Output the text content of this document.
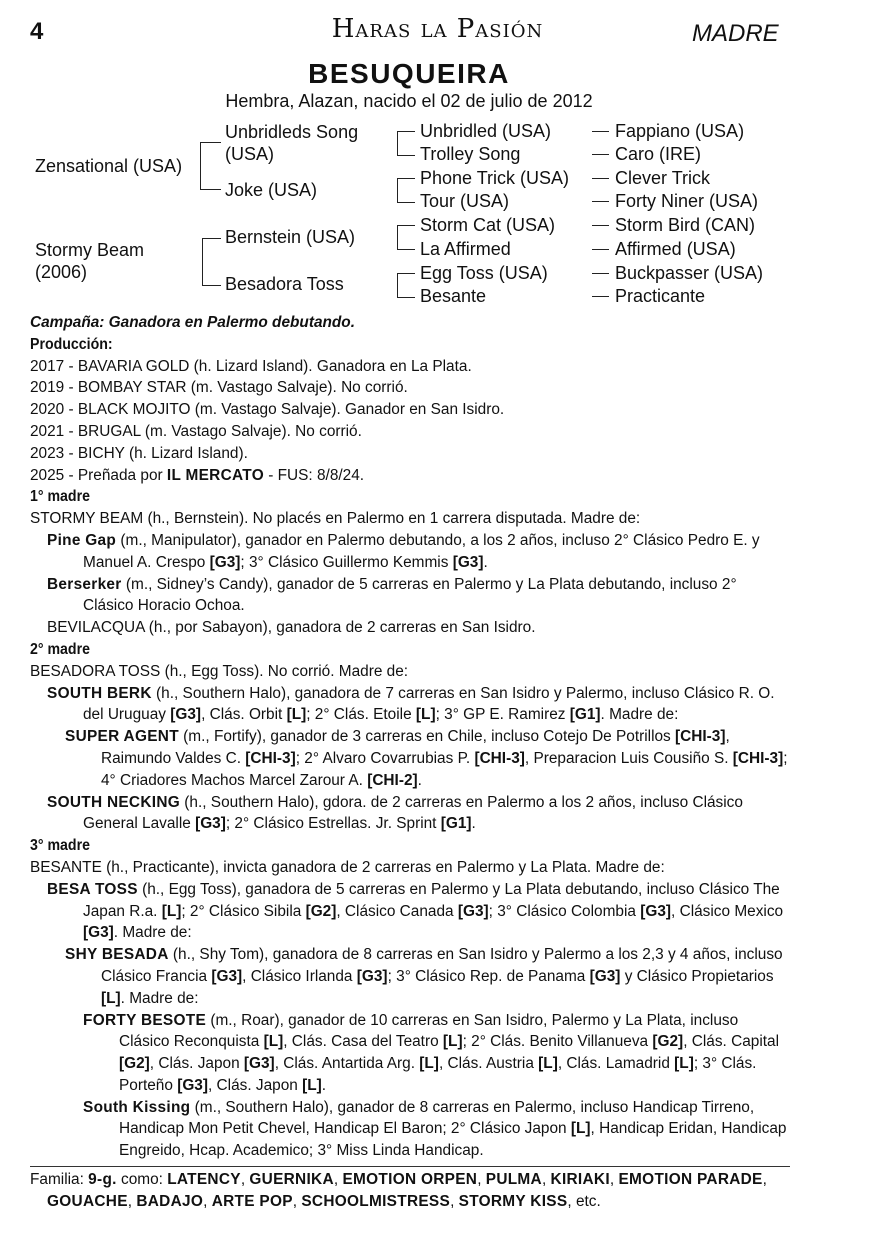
4	Haras la Pasión	MADRE
BESUQUEIRA
Hembra, Alazan, nacido el 02 de julio de 2012
Zensational (USA)
Stormy Beam
(2006)
Unbridleds Song
(USA)
Joke (USA)
Bernstein (USA)
Besadora Toss
Unbridled (USA)
Trolley Song
Phone Trick (USA)
Tour (USA)
Storm Cat (USA)
La Affirmed
Egg Toss (USA)
Besante
Fappiano (USA)
Caro (IRE)
Clever Trick
Forty Niner (USA)
Storm Bird (CAN)
Affirmed (USA)
Buckpasser (USA)
Practicante

Campaña: Ganadora en Palermo debutando.

Producción:

2017 - BAVARIA GOLD (h. Lizard Island). Ganadora en La Plata.

2019 - BOMBAY STAR (m. Vastago Salvaje). No corrió.

2020 - BLACK MOJITO (m. Vastago Salvaje). Ganador en San Isidro.

2021 - BRUGAL (m. Vastago Salvaje). No corrió.

2023 - BICHY (h. Lizard Island).

2025 - Preñada por IL MERCATO - FUS: 8/8/24.

1° madre

STORMY BEAM (h., Bernstein). No placés en Palermo en 1 carrera disputada. Madre de:

Pine Gap (m., Manipulator), ganador en Palermo debutando, a los 2 años, incluso 2° Clásico Pedro E. y Manuel A. Crespo [G3]; 3° Clásico Guillermo Kemmis [G3].

Berserker (m., Sidney’s Candy), ganador de 5 carreras en Palermo y La Plata debutando, incluso 2° Clásico Horacio Ochoa.

BEVILACQUA (h., por Sabayon), ganadora de 2 carreras en San Isidro.

2° madre

BESADORA TOSS (h., Egg Toss). No corrió. Madre de:

SOUTH BERK (h., Southern Halo), ganadora de 7 carreras en San Isidro y Palermo, incluso Clásico R. O. del Uruguay [G3], Clás. Orbit [L]; 2° Clás. Etoile [L]; 3° GP E. Ramirez [G1]. Madre de:

SUPER AGENT (m., Fortify), ganador de 3 carreras en Chile, incluso Cotejo De Potrillos [CHI-3], Raimundo Valdes C. [CHI-3]; 2° Alvaro Covarrubias P. [CHI-3], Preparacion Luis Cousiño S. [CHI-3]; 4° Criadores Machos Marcel Zarour A. [CHI-2].

SOUTH NECKING (h., Southern Halo), gdora. de 2 carreras en Palermo a los 2 años, incluso Clásico General Lavalle [G3]; 2° Clásico Estrellas. Jr. Sprint [G1].

3° madre

BESANTE (h., Practicante), invicta ganadora de 2 carreras en Palermo y La Plata. Madre de:

BESA TOSS (h., Egg Toss), ganadora de 5 carreras en Palermo y La Plata debutando, incluso Clásico The Japan R.a. [L]; 2° Clásico Sibila [G2], Clásico Canada [G3]; 3° Clásico Colombia [G3], Clásico Mexico [G3]. Madre de:

SHY BESADA (h., Shy Tom), ganadora de 8 carreras en San Isidro y Palermo a los 2,3 y 4 años, incluso Clásico Francia [G3], Clásico Irlanda [G3]; 3° Clásico Rep. de Panama [G3] y Clásico Propietarios [L]. Madre de:

FORTY BESOTE (m., Roar), ganador de 10 carreras en San Isidro, Palermo y La Plata, incluso Clásico Reconquista [L], Clás. Casa del Teatro [L]; 2° Clás. Benito Villanueva [G2], Clás. Capital [G2], Clás. Japon [G3], Clás. Antartida Arg. [L], Clás. Austria [L], Clás. Lamadrid [L]; 3° Clás. Porteño [G3], Clás. Japon [L].

South Kissing (m., Southern Halo), ganador de 8 carreras en Palermo, incluso Handicap Tirreno, Handicap Mon Petit Chevel, Handicap El Baron; 2° Clásico Japon [L], Handicap Eridan, Handicap Engreido, Hcap. Academico; 3° Miss Linda Handicap.

Familia: 9-g. como: LATENCY, GUERNIKA, EMOTION ORPEN, PULMA, KIRIAKI, EMOTION PARADE, GOUACHE, BADAJO, ARTE POP, SCHOOLMISTRESS, STORMY KISS, etc.
